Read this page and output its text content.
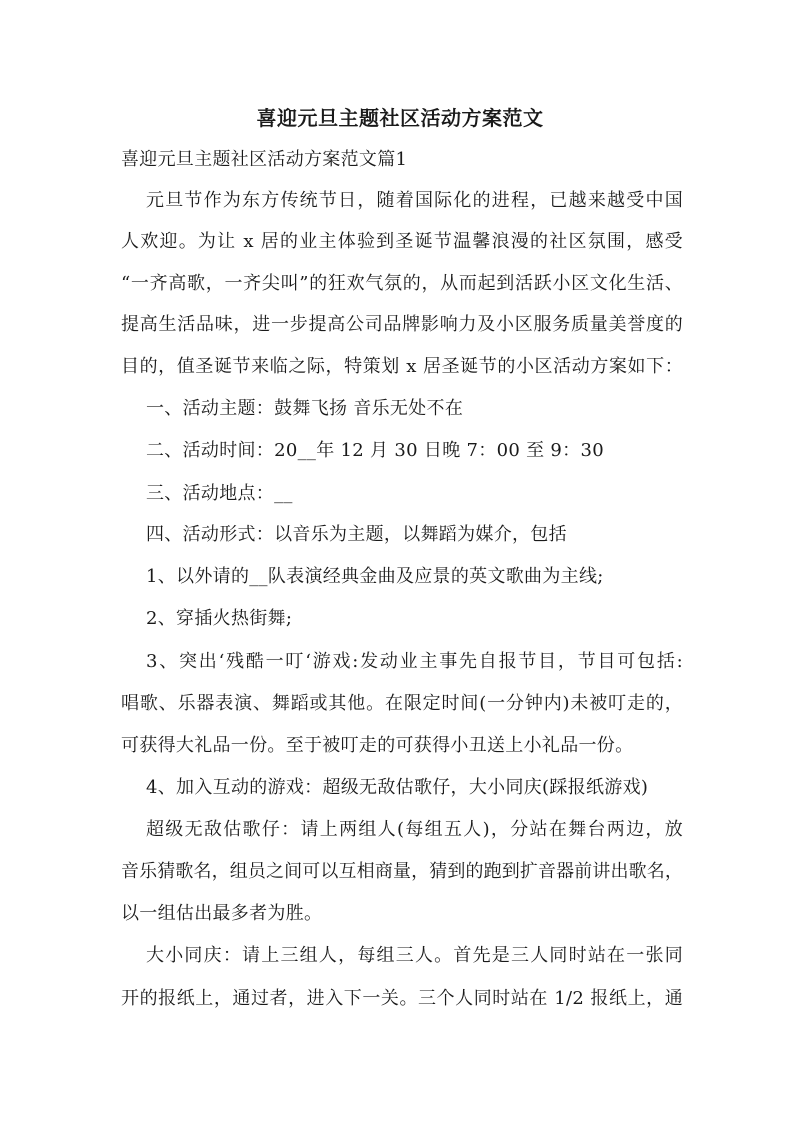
喜迎元旦主题社区活动方案范文
喜迎元旦主题社区活动方案范文篇1
元旦节作为东方传统节日，随着国际化的进程，已越来越受中国
人欢迎。为让 x 居的业主体验到圣诞节温馨浪漫的社区氛围，感受
“一齐高歌，一齐尖叫”的狂欢气氛的，从而起到活跃小区文化生活、
提高生活品味，进一步提高公司品牌影响力及小区服务质量美誉度的
目的，值圣诞节来临之际，特策划 x 居圣诞节的小区活动方案如下：
一、活动主题：鼓舞飞扬 音乐无处不在
二、活动时间：20__年 12 月 30 日晚 7：00 至 9：30
三、活动地点：__
四、活动形式：以音乐为主题，以舞蹈为媒介，包括
1、以外请的__队表演经典金曲及应景的英文歌曲为主线;
2、穿插火热街舞;
3、突出‘残酷一叮‘游戏:发动业主事先自报节目，节目可包括:
唱歌、乐器表演、舞蹈或其他。在限定时间(一分钟内)未被叮走的，
可获得大礼品一份。至于被叮走的可获得小丑送上小礼品一份。
4、加入互动的游戏：超级无敌估歌仔，大小同庆(踩报纸游戏)
超级无敌估歌仔：请上两组人(每组五人)，分站在舞台两边，放
音乐猜歌名，组员之间可以互相商量，猜到的跑到扩音器前讲出歌名，
以一组估出最多者为胜。
大小同庆：请上三组人，每组三人。首先是三人同时站在一张同
开的报纸上，通过者，进入下一关。三个人同时站在 1/2 报纸上，通
